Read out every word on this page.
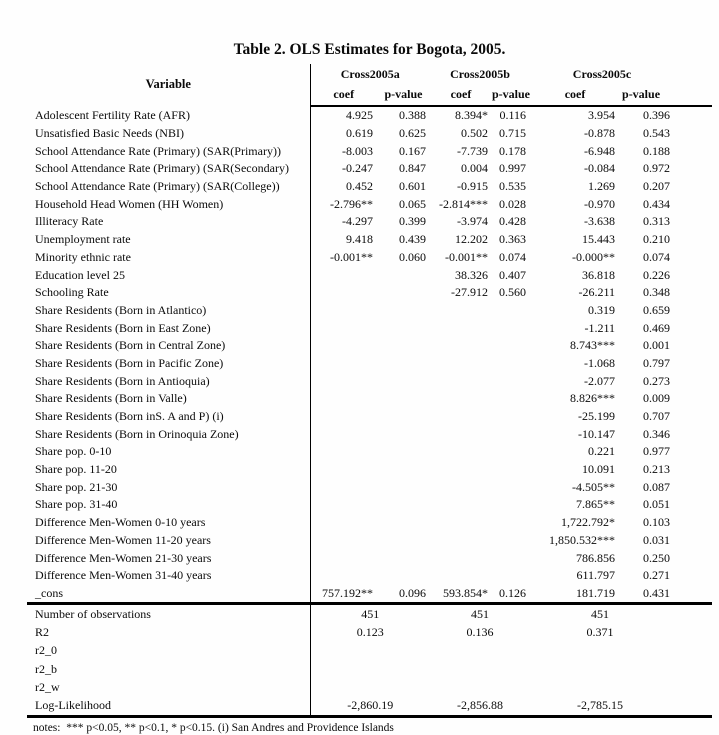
Table 2. OLS Estimates for Bogota, 2005.
Variable	Cross2005a		Cross2005b		Cross2005c	
	coef	p-value	coef	p-value	coef	p-value
Adolescent Fertility Rate (AFR)	4.925	0.388	8.394*	0.116	3.954	0.396
Unsatisfied Basic Needs (NBI)	0.619	0.625	0.502	0.715	-0.878	0.543
School Attendance Rate (Primary) (SAR(Primary))	-8.003	0.167	-7.739	0.178	-6.948	0.188
School Attendance Rate (Primary) (SAR(Secondary)	-0.247	0.847	0.004	0.997	-0.084	0.972
School Attendance Rate (Primary) (SAR(College))	0.452	0.601	-0.915	0.535	1.269	0.207
Household Head Women (HH Women)	-2.796**	0.065	-2.814***	0.028	-0.970	0.434
Illiteracy Rate	-4.297	0.399	-3.974	0.428	-3.638	0.313
Unemployment rate	9.418	0.439	12.202	0.363	15.443	0.210
Minority ethnic rate	-0.001**	0.060	-0.001**	0.074	-0.000**	0.074
Education level 25			38.326	0.407	36.818	0.226
Schooling Rate			-27.912	0.560	-26.211	0.348
Share Residents (Born in Atlantico)					0.319	0.659
Share Residents (Born in East Zone)					-1.211	0.469
Share Residents (Born in Central Zone)					8.743***	0.001
Share Residents (Born in Pacific Zone)					-1.068	0.797
Share Residents (Born in Antioquia)					-2.077	0.273
Share Residents (Born in Valle)					8.826***	0.009
Share Residents (Born inS. A and P) (i)					-25.199	0.707
Share Residents (Born in Orinoquia Zone)					-10.147	0.346
Share pop. 0-10					0.221	0.977
Share pop. 11-20					10.091	0.213
Share pop. 21-30					-4.505**	0.087
Share pop. 31-40					7.865**	0.051
Difference Men-Women 0-10 years					1,722.792*	0.103
Difference Men-Women 11-20 years					1,850.532***	0.031
Difference Men-Women 21-30 years					786.856	0.250
Difference Men-Women 31-40 years					611.797	0.271
_cons	757.192**	0.096	593.854*	0.126	181.719	0.431
Number of observations	451		451		451	
R2	0.123		0.136		0.371	
r2_0						
r2_b						
r2_w						
Log-Likelihood	-2,860.19		-2,856.88		-2,785.15	
notes:  *** p<0.05, ** p<0.1, * p<0.15. (i) San Andres and Providence Islands
